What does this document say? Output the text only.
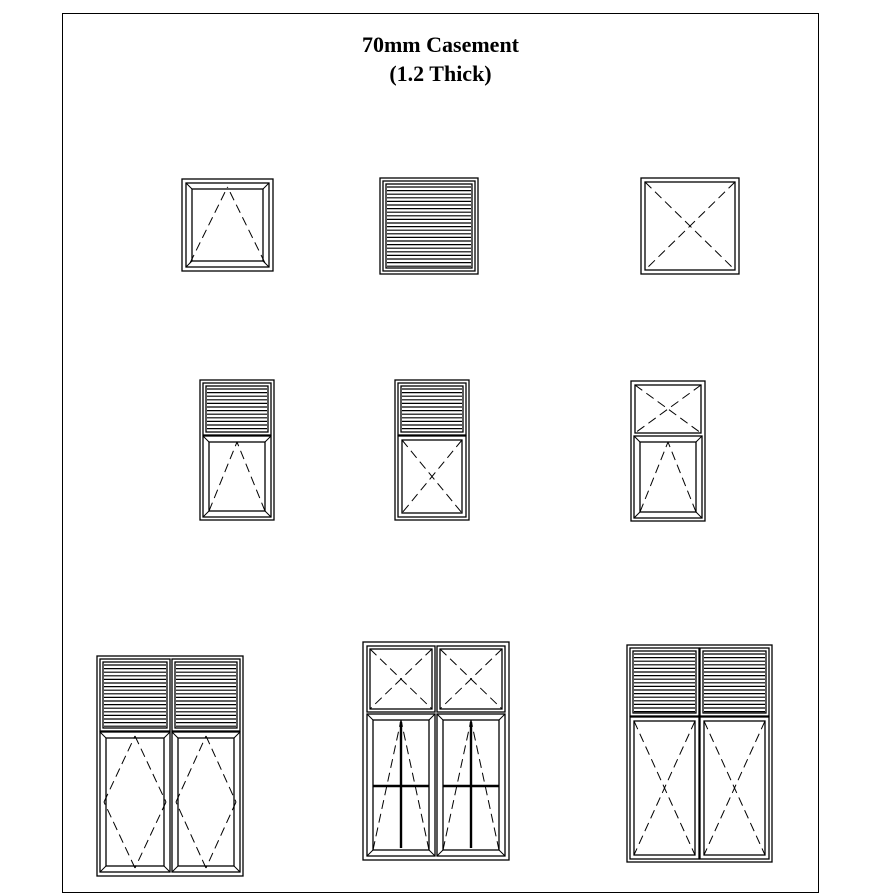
70mm Casement
(1.2 Thick)
